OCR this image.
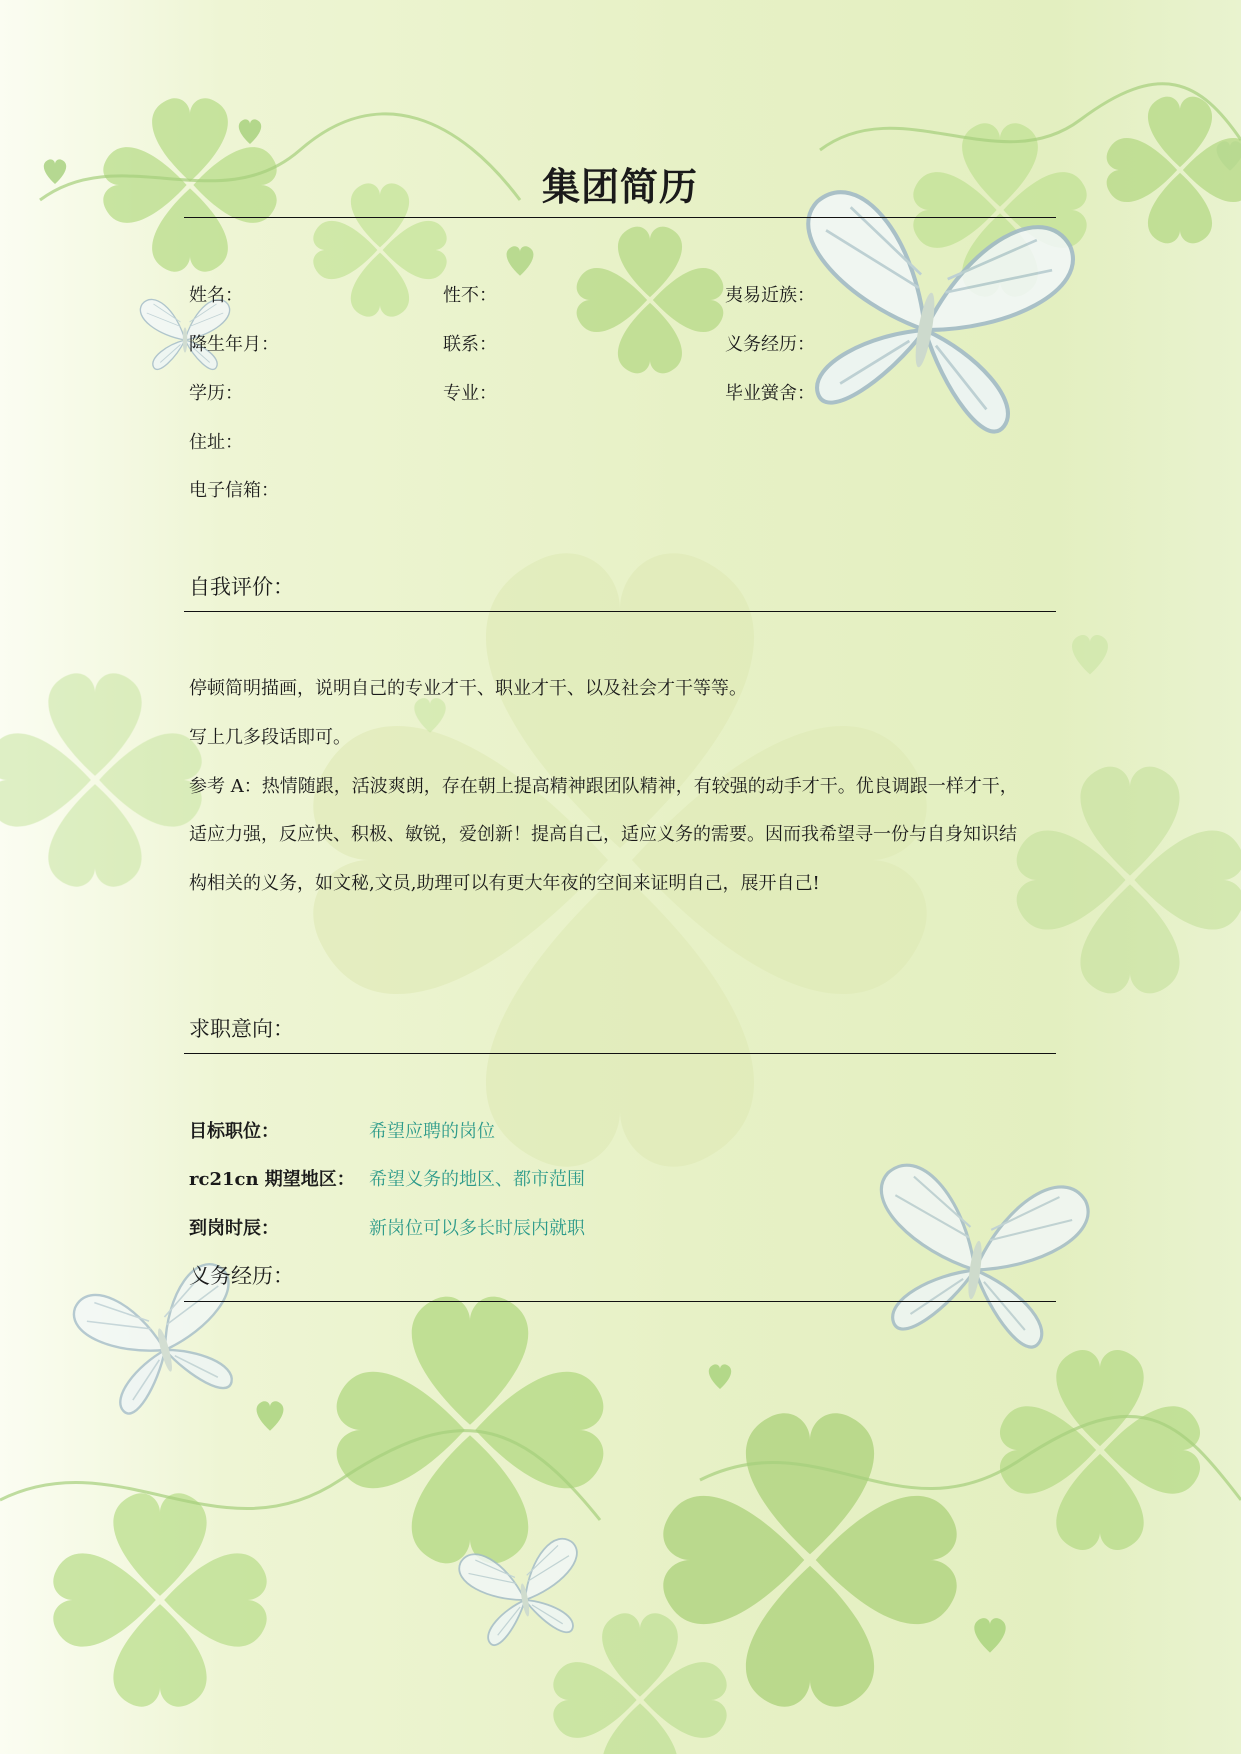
集团简历
姓名：	性不：	夷易近族：
降生年月：	联系：	义务经历：
学历：	专业：	毕业黉舍：
住址：
电子信箱：
自我评价：
停顿简明描画，说明自己的专业才干、职业才干、以及社会才干等等。
写上几多段话即可。
参考 A：热情随跟，活波爽朗，存在朝上提高精神跟团队精神，有较强的动手才干。优良调跟一样才干，
适应力强，反应快、积极、敏锐，爱创新！提高自己，适应义务的需要。因而我希望寻一份与自身知识结
构相关的义务，如文秘,文员,助理可以有更大年夜的空间来证明自己，展开自己!
求职意向：
目标职位：	希望应聘的岗位
rc21cn 期望地区： 希望义务的地区、都市范围
到岗时辰：	新岗位可以多长时辰内就职
义务经历：
